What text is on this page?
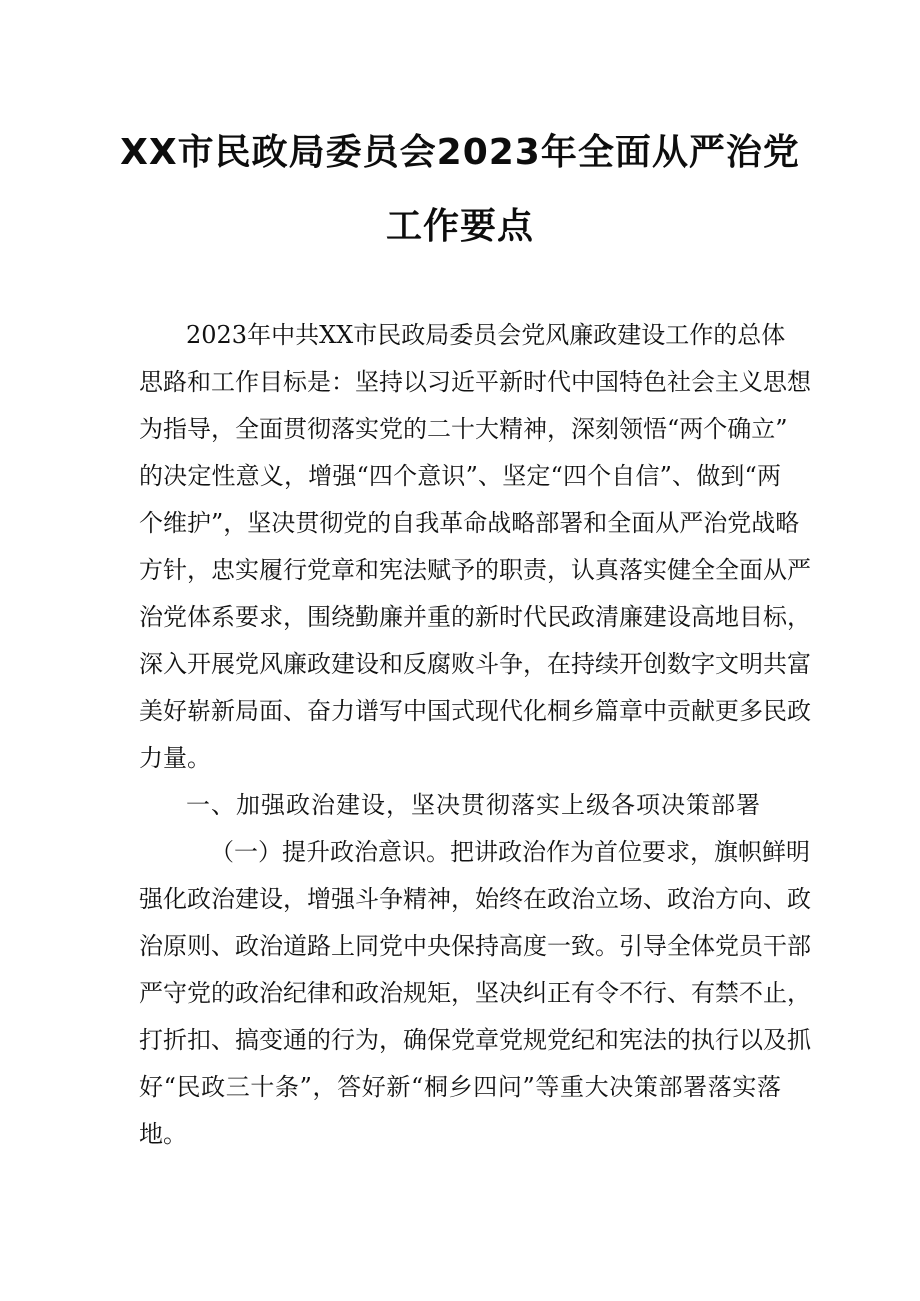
XX市民政局委员会2023年全面从严治党
工作要点
2023年中共XX市民政局委员会党风廉政建设工作的总体
思路和工作目标是：坚持以习近平新时代中国特色社会主义思想
为指导，全面贯彻落实党的二十大精神，深刻领悟“两个确立”
的决定性意义，增强“四个意识”、坚定“四个自信”、做到“两
个维护”，坚决贯彻党的自我革命战略部署和全面从严治党战略
方针，忠实履行党章和宪法赋予的职责，认真落实健全全面从严
治党体系要求，围绕勤廉并重的新时代民政清廉建设高地目标，
深入开展党风廉政建设和反腐败斗争，在持续开创数字文明共富
美好崭新局面、奋力谱写中国式现代化桐乡篇章中贡献更多民政
力量。
一、加强政治建设，坚决贯彻落实上级各项决策部署
（一）提升政治意识。把讲政治作为首位要求，旗帜鲜明
强化政治建设，增强斗争精神，始终在政治立场、政治方向、政
治原则、政治道路上同党中央保持高度一致。引导全体党员干部
严守党的政治纪律和政治规矩，坚决纠正有令不行、有禁不止，
打折扣、搞变通的行为，确保党章党规党纪和宪法的执行以及抓
好“民政三十条”，答好新“桐乡四问”等重大决策部署落实落
地。
